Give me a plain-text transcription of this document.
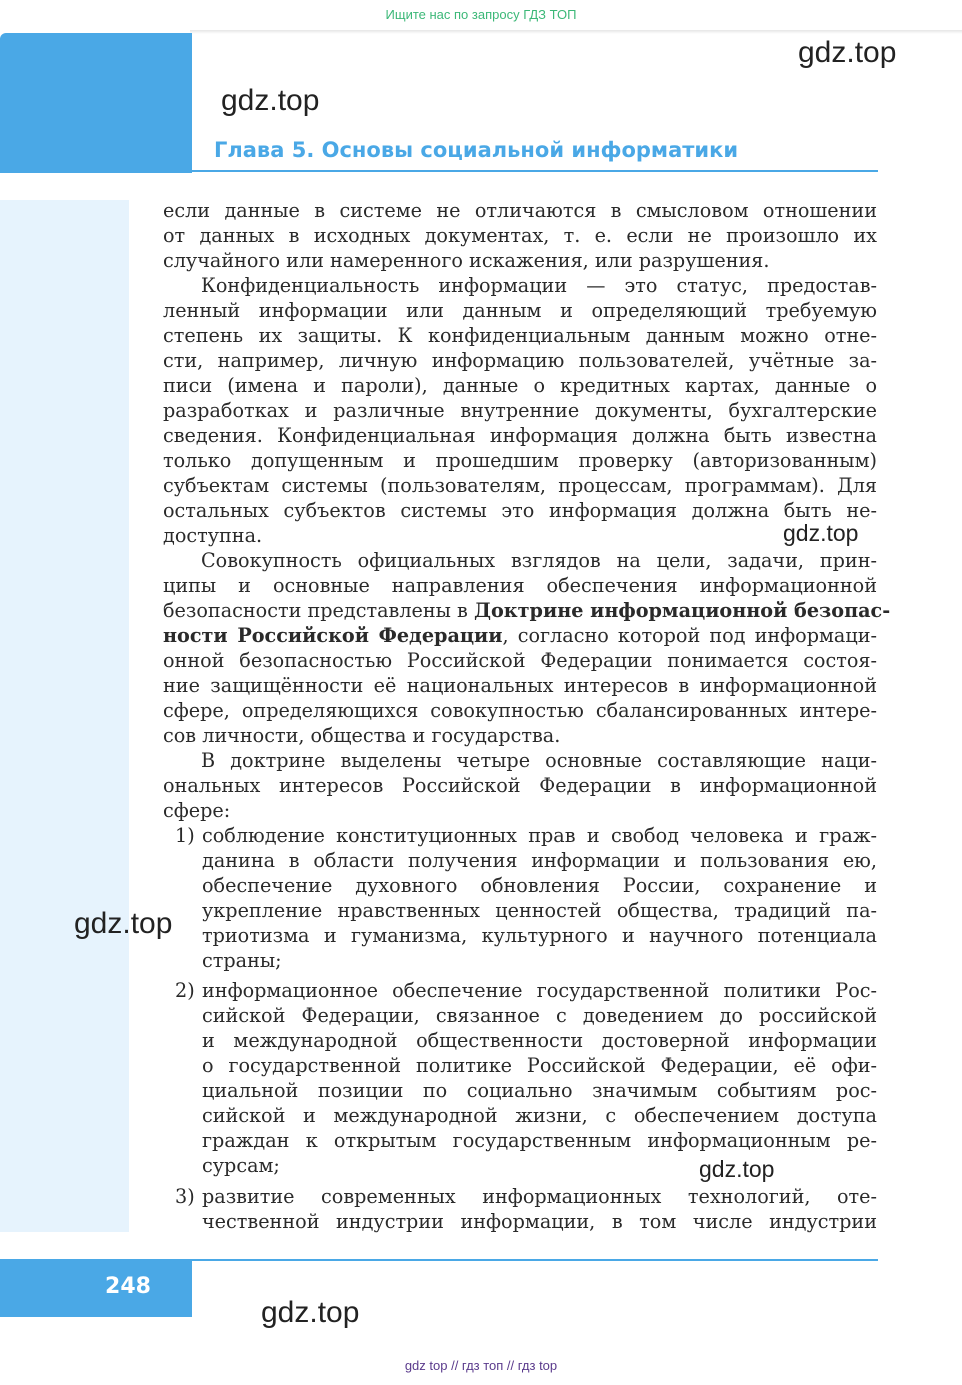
Ищите нас по запросу ГДЗ ТОП
gdz.top
gdz.top
Глава 5. Основы социальной информатики
если данные в системе не отличаются в смысловом отношении
от данных в исходных документах, т. е. если не произошло их
случайного или намеренного искажения, или разрушения.
Конфиденциальность информации — это статус, предостав-
ленный информации или данным и определяющий требуемую
степень их защиты. К конфиденциальным данным можно отне-
сти, например, личную информацию пользователей, учётные за-
писи (имена и пароли), данные о кредитных картах, данные о
разработках и различные внутренние документы, бухгалтерские
сведения. Конфиденциальная информация должна быть известна
только допущенным и прошедшим проверку (авторизованным)
субъектам системы (пользователям, процессам, программам). Для
остальных субъектов системы это информация должна быть не-
доступна.	gdz.top
Совокупность официальных взглядов на цели, задачи, прин-
ципы и основные направления обеспечения информационной
безопасности представлены в Доктрине информационной безопас-
ности Российской Федерации, согласно которой под информаци-
онной безопасностью Российской Федерации понимается состоя-
ние защищённости её национальных интересов в информационной
сфере, определяющихся совокупностью сбалансированных интере-
сов личности, общества и государства.
В доктрине выделены четыре основные составляющие наци-
ональных интересов Российской Федерации в информационной
сфере:
1) соблюдение конституционных прав и свобод человека и граж-
данина в области получения информации и пользования ею,
обеспечение духовного обновления России, сохранение и
укрепление нравственных ценностей общества, традиций па-
триотизма и гуманизма, культурного и научного потенциала
страны;
gdz.top
2) информационное обеспечение государственной политики Рос-
сийской Федерации, связанное с доведением до российской
и международной общественности достоверной информации
о государственной политике Российской Федерации, её офи-
циальной позиции по социально значимым событиям рос-
сийской и международной жизни, с обеспечением доступа
граждан к открытым государственным информационным ре-
сурсам;	gdz.top
3) развитие современных информационных технологий, оте-
чественной индустрии информации, в том числе индустрии
248
gdz.top
gdz top // гдз топ // гдз top
